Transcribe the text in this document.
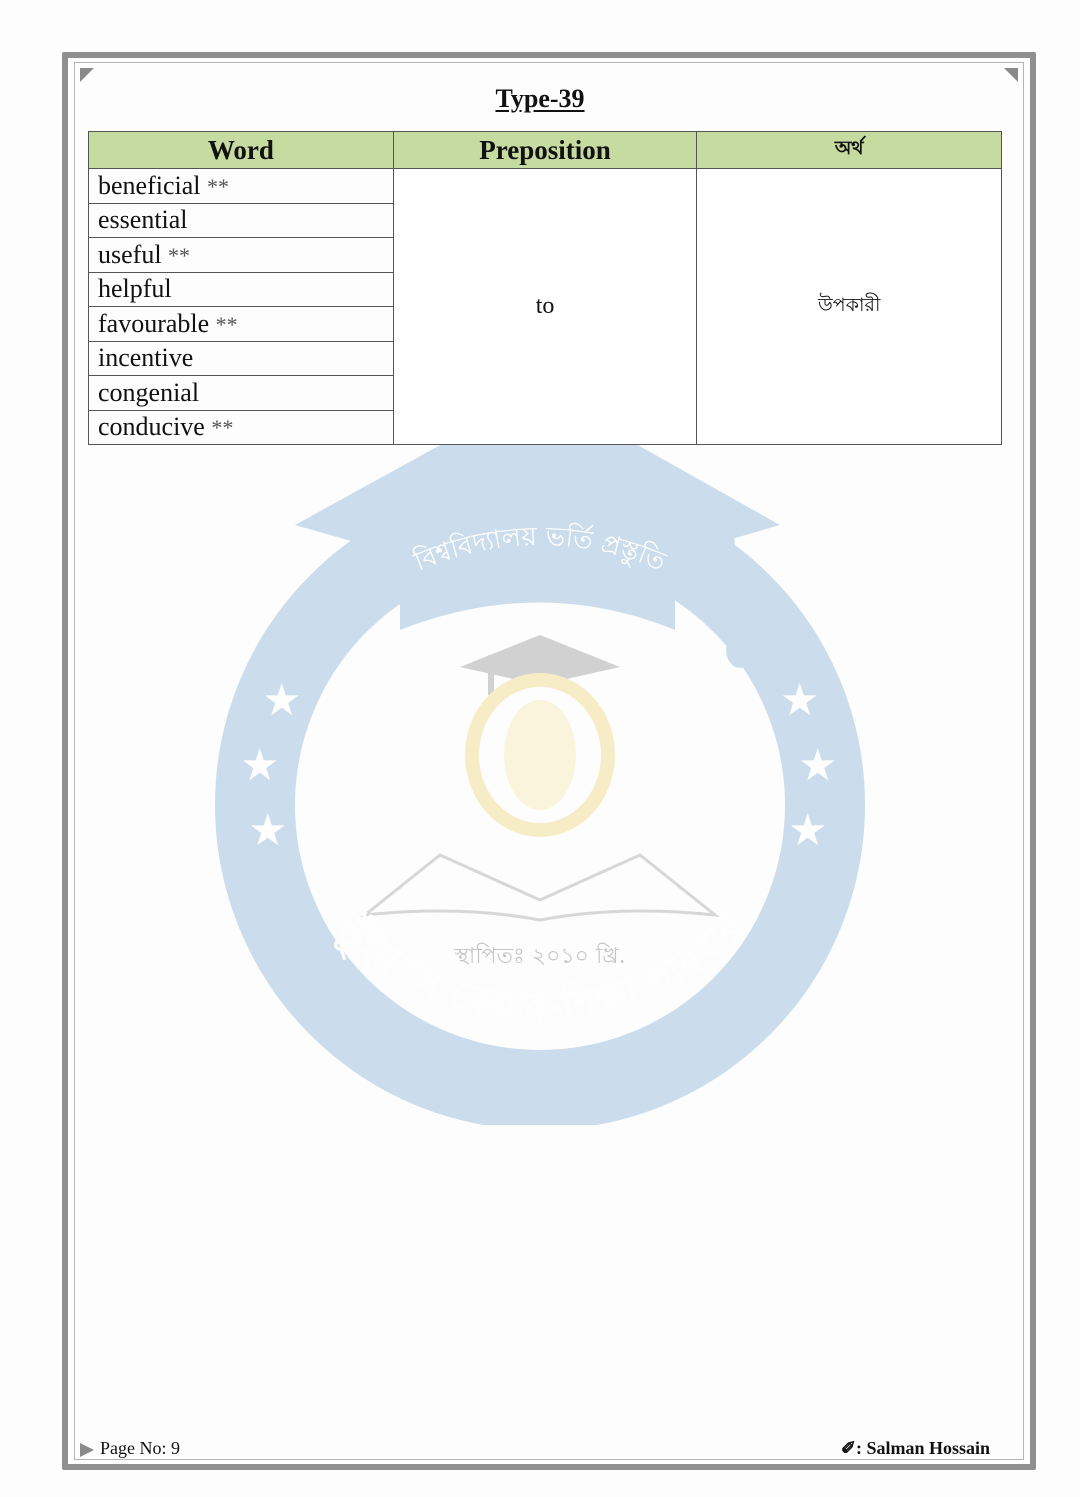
Type-39
★
★
★
★
★
★
স্থাপিতঃ ২০১০ খ্রি.
বিশ্ববিদ্যালয় ভর্তি প্রস্তুতি
ভূঁইয়া'স কেয়ার-শিক্ষা পরিবার
Word	Preposition	অর্থ
beneficial **	to	উপকারী
essential		
useful **		
helpful		
favourable **		
incentive		
congenial		
conducive **		
Page No: 9	✐: Salman Hossain
